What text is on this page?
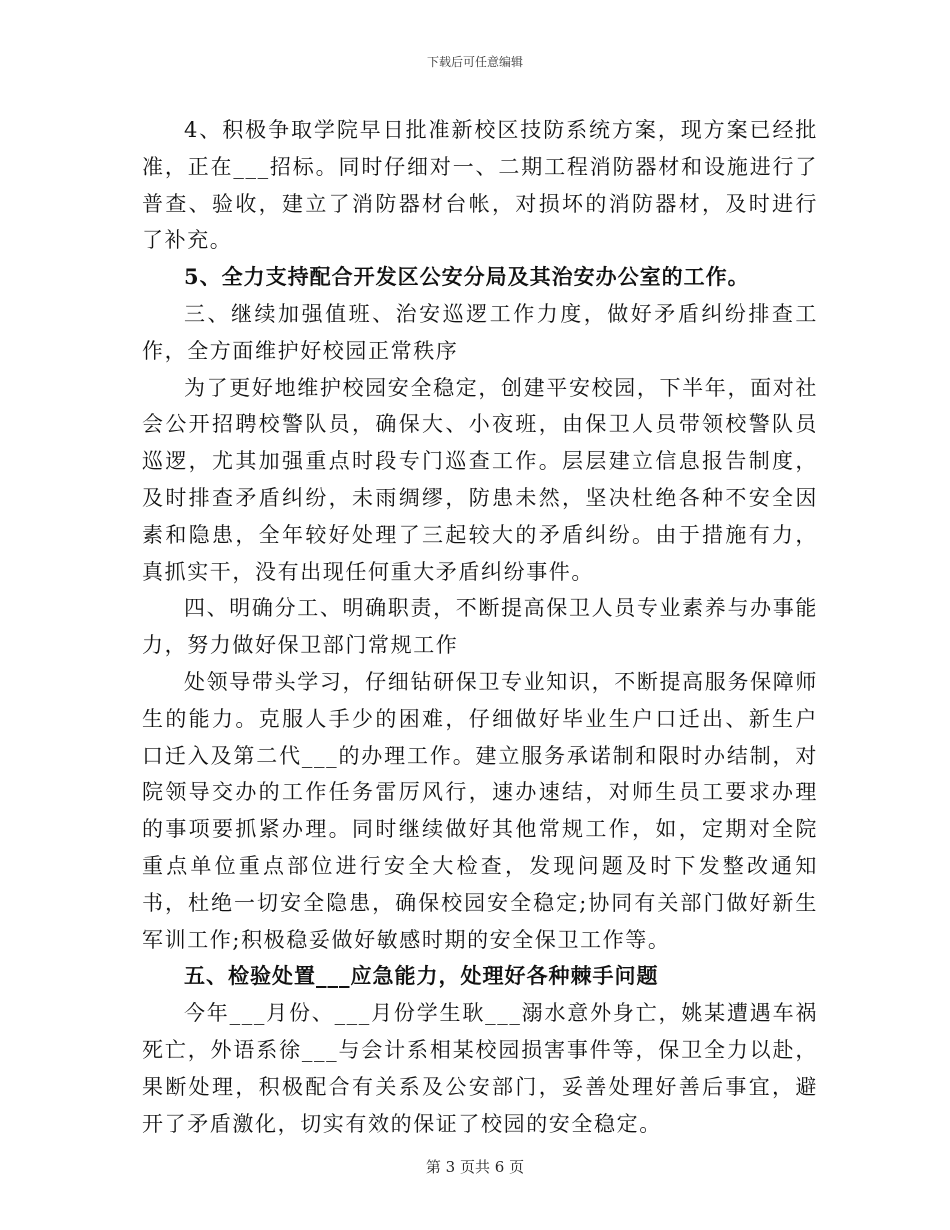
下载后可任意编辑

4、积极争取学院早日批准新校区技防系统方案，现方案已经批准，正在___招标。同时仔细对一、二期工程消防器材和设施进行了普查、验收，建立了消防器材台帐，对损坏的消防器材，及时进行了补充。

5、全力支持配合开发区公安分局及其治安办公室的工作。

三、继续加强值班、治安巡逻工作力度，做好矛盾纠纷排查工作，全方面维护好校园正常秩序

为了更好地维护校园安全稳定，创建平安校园，下半年，面对社会公开招聘校警队员，确保大、小夜班，由保卫人员带领校警队员巡逻，尤其加强重点时段专门巡查工作。层层建立信息报告制度，及时排查矛盾纠纷，未雨绸缪，防患未然，坚决杜绝各种不安全因素和隐患，全年较好处理了三起较大的矛盾纠纷。由于措施有力，真抓实干，没有出现任何重大矛盾纠纷事件。

四、明确分工、明确职责，不断提高保卫人员专业素养与办事能力，努力做好保卫部门常规工作

处领导带头学习，仔细钻研保卫专业知识，不断提高服务保障师生的能力。克服人手少的困难，仔细做好毕业生户口迁出、新生户口迁入及第二代___的办理工作。建立服务承诺制和限时办结制，对院领导交办的工作任务雷厉风行，速办速结，对师生员工要求办理的事项要抓紧办理。同时继续做好其他常规工作，如，定期对全院重点单位重点部位进行安全大检查，发现问题及时下发整改通知书，杜绝一切安全隐患，确保校园安全稳定;协同有关部门做好新生军训工作;积极稳妥做好敏感时期的安全保卫工作等。

五、检验处置___应急能力，处理好各种棘手问题

今年___月份、___月份学生耿___溺水意外身亡，姚某遭遇车祸死亡，外语系徐___与会计系相某校园损害事件等，保卫全力以赴，果断处理，积极配合有关系及公安部门，妥善处理好善后事宜，避开了矛盾激化，切实有效的保证了校园的安全稳定。

第 3 页共 6 页
